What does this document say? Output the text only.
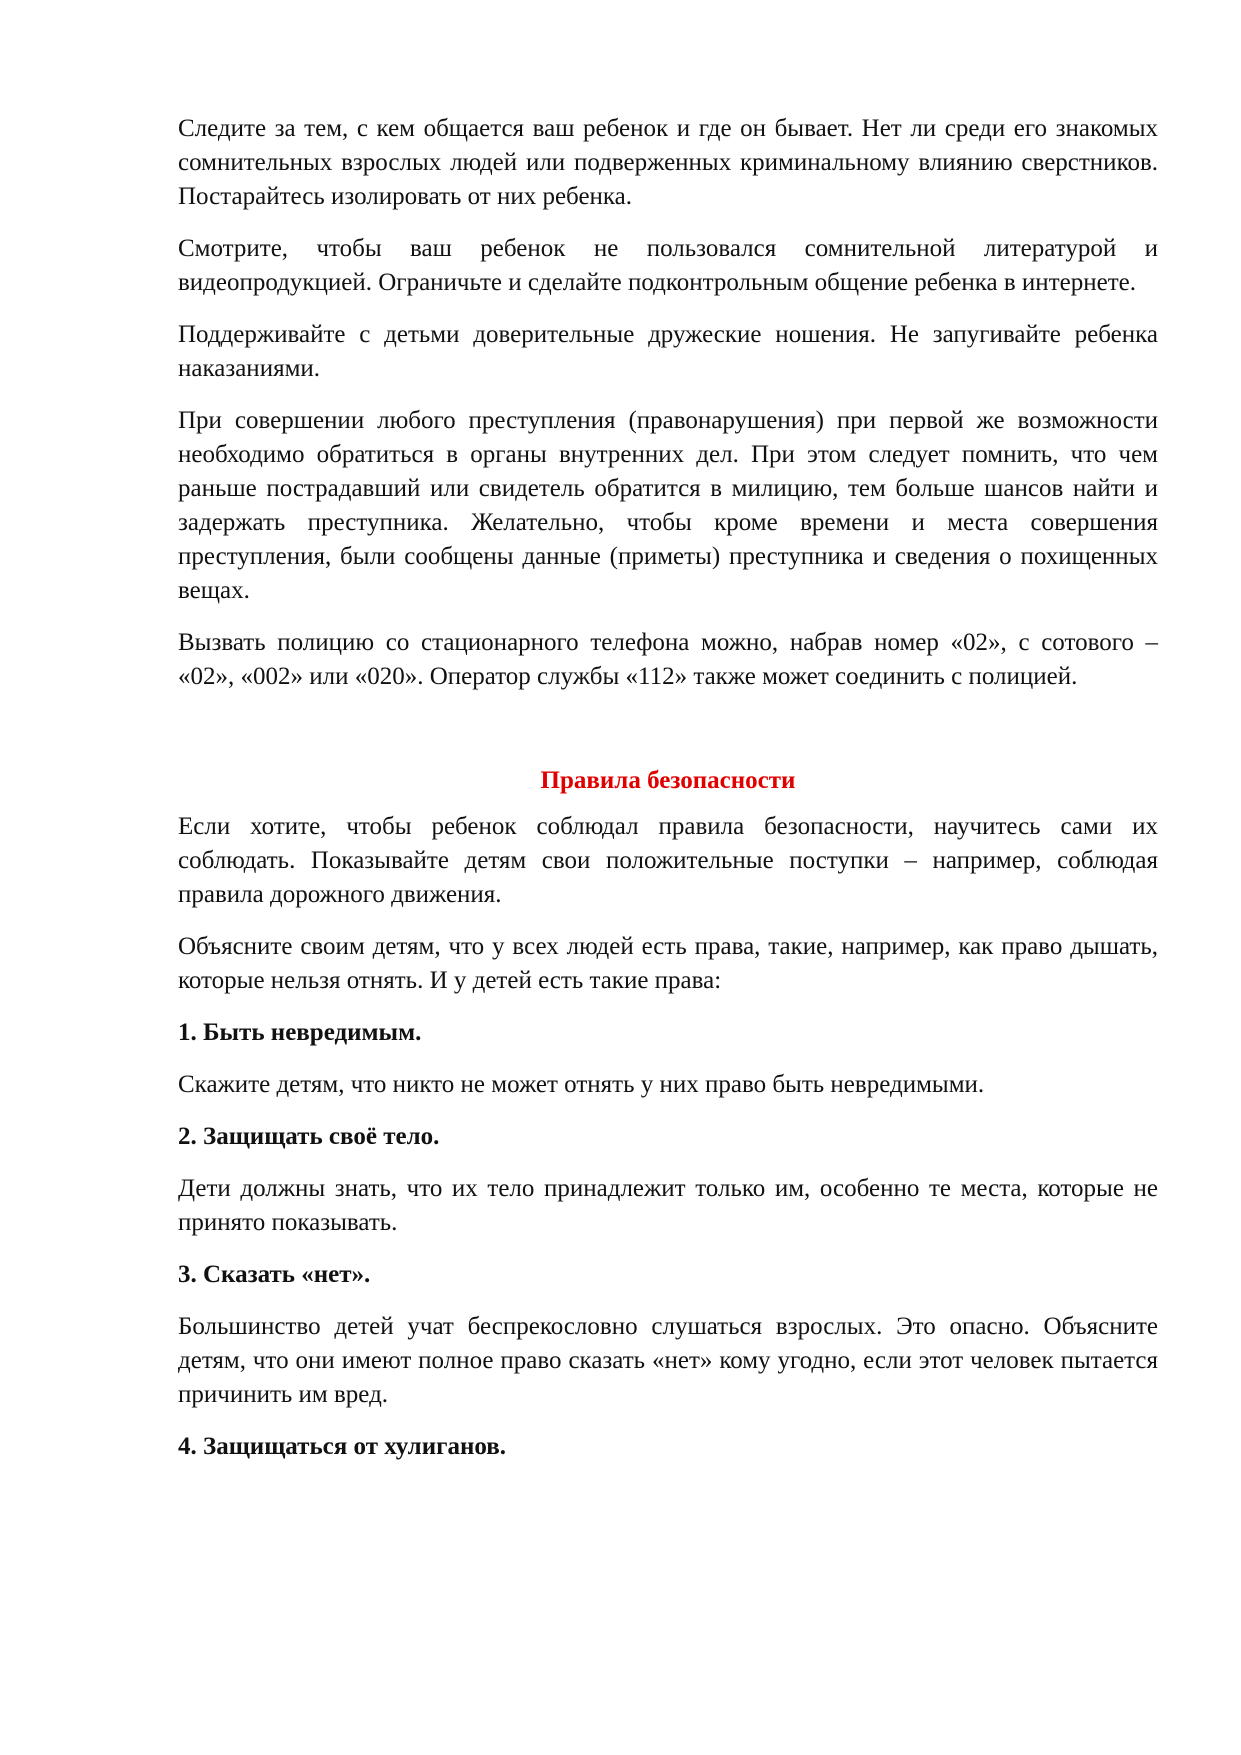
Следите за тем, с кем общается ваш ребенок и где он бывает. Нет ли среди его знакомых сомнительных взрослых людей или подверженных криминальному влиянию сверстников. Постарайтесь изолировать от них ребенка.

Смотрите, чтобы ваш ребенок не пользовался сомнительной литературой и видеопродукцией. Ограничьте и сделайте подконтрольным общение ребенка в интернете.

Поддерживайте с детьми доверительные дружеские ношения. Не запугивайте ребенка наказаниями.

При совершении любого преступления (правонарушения) при первой же возможности необходимо обратиться в органы внутренних дел. При этом следует помнить, что чем раньше пострадавший или свидетель обратится в милицию, тем больше шансов найти и задержать преступника. Желательно, чтобы кроме времени и места совершения преступления, были сообщены данные (приметы) преступника и сведения о похищенных вещах.

Вызвать полицию со стационарного телефона можно, набрав номер «02», с сотового – «02», «002» или «020». Оператор службы «112» также может соединить с полицией.

Правила безопасности

Если хотите, чтобы ребенок соблюдал правила безопасности, научитесь сами их соблюдать. Показывайте детям свои положительные поступки – например, соблюдая правила дорожного движения.

Объясните своим детям, что у всех людей есть права, такие, например, как право дышать, которые нельзя отнять. И у детей есть такие права:

1. Быть невредимым.

Скажите детям, что никто не может отнять у них право быть невредимыми.

2. Защищать своё тело.

Дети должны знать, что их тело принадлежит только им, особенно те места, которые не принято показывать.

3. Сказать «нет».

Большинство детей учат беспрекословно слушаться взрослых. Это опасно. Объясните детям, что они имеют полное право сказать «нет» кому угодно, если этот человек пытается причинить им вред.

4. Защищаться от хулиганов.
